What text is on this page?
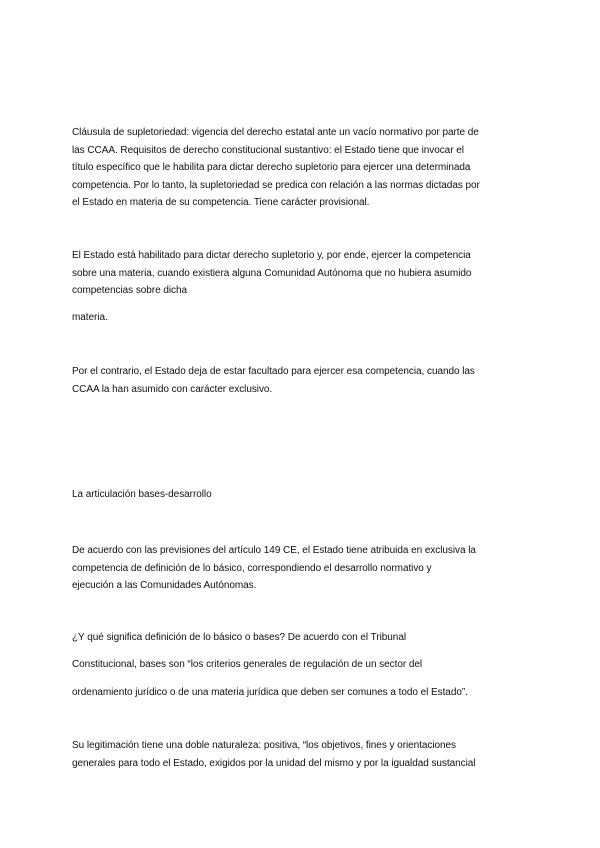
Cláusula de supletoriedad: vigencia del derecho estatal ante un vacío normativo por parte de
las CCAA. Requisitos de derecho constitucional sustantivo: el Estado tiene que invocar el
título específico que le habilita para dictar derecho supletorio para ejercer una determinada
competencia. Por lo tanto, la supletoriedad se predica con relación a las normas dictadas por
el Estado en materia de su competencia. Tiene carácter provisional.
El Estado está habilitado para dictar derecho supletorio y, por ende, ejercer la competencia
sobre una materia, cuando existiera alguna Comunidad Autónoma que no hubiera asumido
competencias sobre dicha
materia.
Por el contrario, el Estado deja de estar facultado para ejercer esa competencia, cuando las
CCAA la han asumido con carácter exclusivo.
La articulación bases-desarrollo
De acuerdo con las previsiones del artículo 149 CE, el Estado tiene atribuida en exclusiva la
competencia de definición de lo básico, correspondiendo el desarrollo normativo y
ejecución a las Comunidades Autónomas.
¿Y qué significa definición de lo básico o bases? De acuerdo con el Tribunal
Constitucional, bases son “los criterios generales de regulación de un sector del
ordenamiento jurídico o de una materia jurídica que deben ser comunes a todo el Estado”.
Su legitimación tiene una doble naturaleza: positiva, “los objetivos, fines y orientaciones
generales para todo el Estado, exigidos por la unidad del mismo y por la igualdad sustancial
